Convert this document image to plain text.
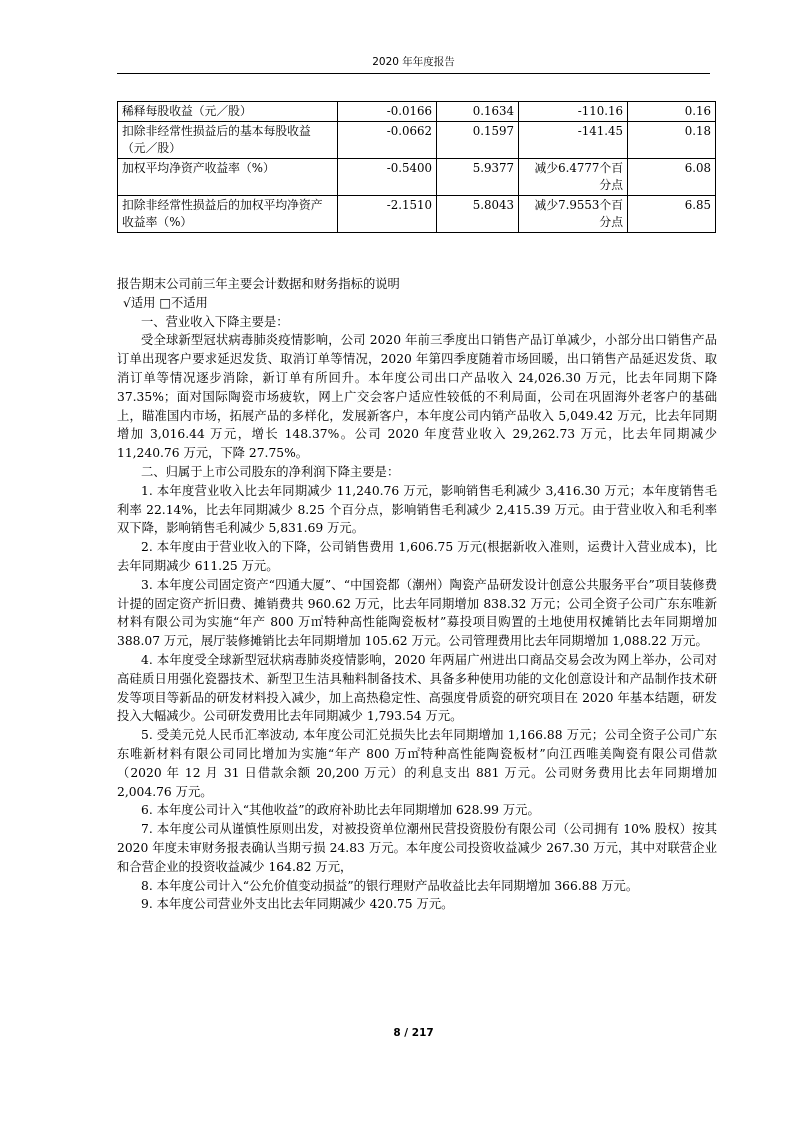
2020 年年度报告
稀释每股收益（元／股）	-0.0166	0.1634	-110.16	0.16
扣除非经常性损益后的基本每股收益（元／股）	-0.0662	0.1597	-141.45	0.18
加权平均净资产收益率（%）	-0.5400	5.9377	减少6.4777个百分点	6.08
扣除非经常性损益后的加权平均净资产收益率（%）	-2.1510	5.8043	减少7.9553个百分点	6.85

报告期末公司前三年主要会计数据和财务指标的说明

√适用 □不适用

一、营业收入下降主要是：

受全球新型冠状病毒肺炎疫情影响，公司 2020 年前三季度出口销售产品订单减少，小部分出口销售产品订单出现客户要求延迟发货、取消订单等情况，2020 年第四季度随着市场回暖，出口销售产品延迟发货、取消订单等情况逐步消除，新订单有所回升。本年度公司出口产品收入 24,026.30 万元，比去年同期下降 37.35%；面对国际陶瓷市场疲软，网上广交会客户适应性较低的不利局面，公司在巩固海外老客户的基础上，瞄准国内市场，拓展产品的多样化，发展新客户，本年度公司内销产品收入 5,049.42 万元，比去年同期增加 3,016.44 万元，增长 148.37%。公司 2020 年度营业收入 29,262.73 万元，比去年同期减少 11,240.76 万元，下降 27.75%。

二、归属于上市公司股东的净利润下降主要是：

1. 本年度营业收入比去年同期减少 11,240.76 万元，影响销售毛利减少 3,416.30 万元；本年度销售毛利率 22.14%，比去年同期减少 8.25 个百分点，影响销售毛利减少 2,415.39 万元。由于营业收入和毛利率双下降，影响销售毛利减少 5,831.69 万元。

2. 本年度由于营业收入的下降，公司销售费用 1,606.75 万元(根据新收入准则，运费计入营业成本)，比去年同期减少 611.25 万元。

3. 本年度公司固定资产“四通大厦”、“中国瓷都（潮州）陶瓷产品研发设计创意公共服务平台”项目装修费计提的固定资产折旧费、摊销费共 960.62 万元，比去年同期增加 838.32 万元；公司全资子公司广东东唯新材料有限公司为实施“年产 800 万㎡特种高性能陶瓷板材”募投项目购置的土地使用权摊销比去年同期增加 388.07 万元，展厅装修摊销比去年同期增加 105.62 万元。公司管理费用比去年同期增加 1,088.22 万元。

4. 本年度受全球新型冠状病毒肺炎疫情影响，2020 年两届广州进出口商品交易会改为网上举办，公司对高硅质日用强化瓷器技术、新型卫生洁具釉料制备技术、具备多种使用功能的文化创意设计和产品制作技术研发等项目等新品的研发材料投入减少，加上高热稳定性、高强度骨质瓷的研究项目在 2020 年基本结题，研发投入大幅减少。公司研发费用比去年同期减少 1,793.54 万元。

5. 受美元兑人民币汇率波动, 本年度公司汇兑损失比去年同期增加 1,166.88 万元；公司全资子公司广东东唯新材料有限公司同比增加为实施“年产 800 万㎡特种高性能陶瓷板材”向江西唯美陶瓷有限公司借款（2020 年 12 月 31 日借款余额 20,200 万元）的利息支出 881 万元。公司财务费用比去年同期增加 2,004.76 万元。

6. 本年度公司计入“其他收益”的政府补助比去年同期增加 628.99 万元。

7. 本年度公司从谨慎性原则出发，对被投资单位潮州民营投资股份有限公司（公司拥有 10% 股权）按其 2020 年度未审财务报表确认当期亏损 24.83 万元。本年度公司投资收益减少 267.30 万元，其中对联营企业和合营企业的投资收益减少 164.82 万元，

8. 本年度公司计入“公允价值变动损益”的银行理财产品收益比去年同期增加 366.88 万元。

9. 本年度公司营业外支出比去年同期减少 420.75 万元。

8 / 217
